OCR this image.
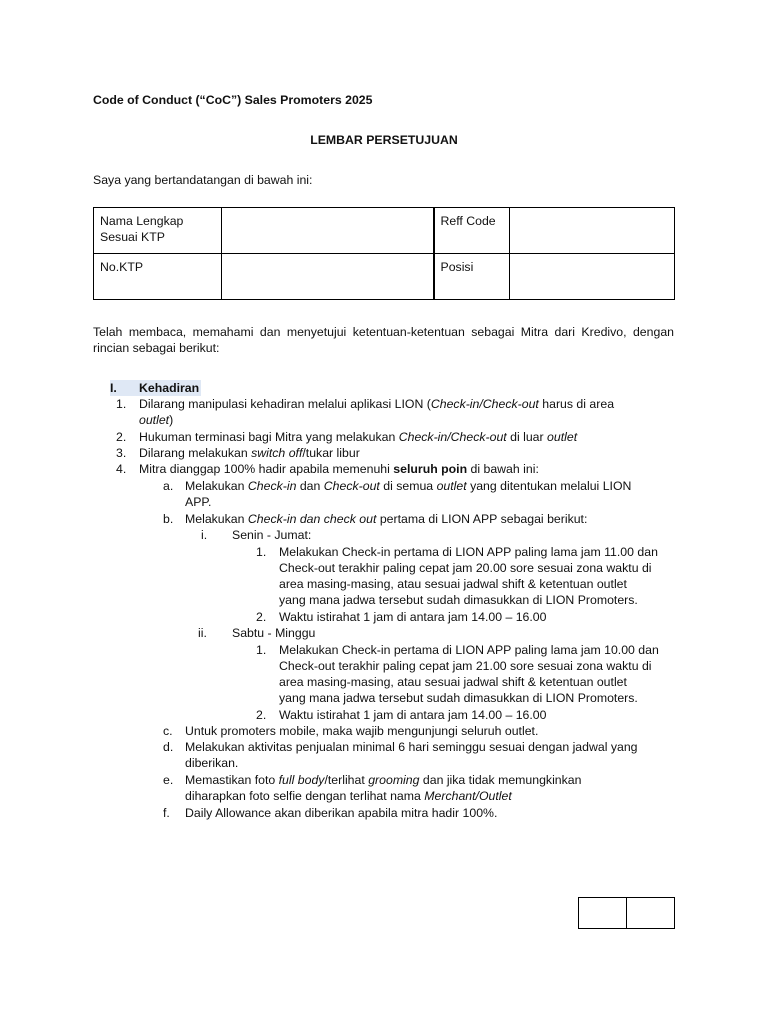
Code of Conduct (“CoC”) Sales Promoters 2025
LEMBAR PERSETUJUAN
Saya yang bertandatangan di bawah ini:
Nama Lengkap Sesuai KTP		Reff Code	
No.KTP		Posisi	
Telah membaca, memahami dan menyetujui ketentuan-ketentuan sebagai Mitra dari Kredivo, dengan rincian sebagai berikut:
I. Kehadiran
1. Dilarang manipulasi kehadiran melalui aplikasi LION (Check-in/Check-out harus di area
outlet)
2. Hukuman terminasi bagi Mitra yang melakukan Check-in/Check-out di luar outlet
3. Dilarang melakukan switch off/tukar libur
4. Mitra dianggap 100% hadir apabila memenuhi seluruh poin di bawah ini:
a. Melakukan Check-in dan Check-out di semua outlet yang ditentukan melalui LION
APP.
b. Melakukan Check-in dan check out pertama di LION APP sebagai berikut:
i. Senin - Jumat:
1. Melakukan Check-in pertama di LION APP paling lama jam 11.00 dan
Check-out terakhir paling cepat jam 20.00 sore sesuai zona waktu di
area masing-masing, atau sesuai jadwal shift & ketentuan outlet
yang mana jadwa tersebut sudah dimasukkan di LION Promoters.
2. Waktu istirahat 1 jam di antara jam 14.00 – 16.00
ii. Sabtu - Minggu
1. Melakukan Check-in pertama di LION APP paling lama jam 10.00 dan
Check-out terakhir paling cepat jam 21.00 sore sesuai zona waktu di
area masing-masing, atau sesuai jadwal shift & ketentuan outlet
yang mana jadwa tersebut sudah dimasukkan di LION Promoters.
2. Waktu istirahat 1 jam di antara jam 14.00 – 16.00
c. Untuk promoters mobile, maka wajib mengunjungi seluruh outlet.
d. Melakukan aktivitas penjualan minimal 6 hari seminggu sesuai dengan jadwal yang
diberikan.
e. Memastikan foto full body/terlihat grooming dan jika tidak memungkinkan
diharapkan foto selfie dengan terlihat nama Merchant/Outlet
f. Daily Allowance akan diberikan apabila mitra hadir 100%.
